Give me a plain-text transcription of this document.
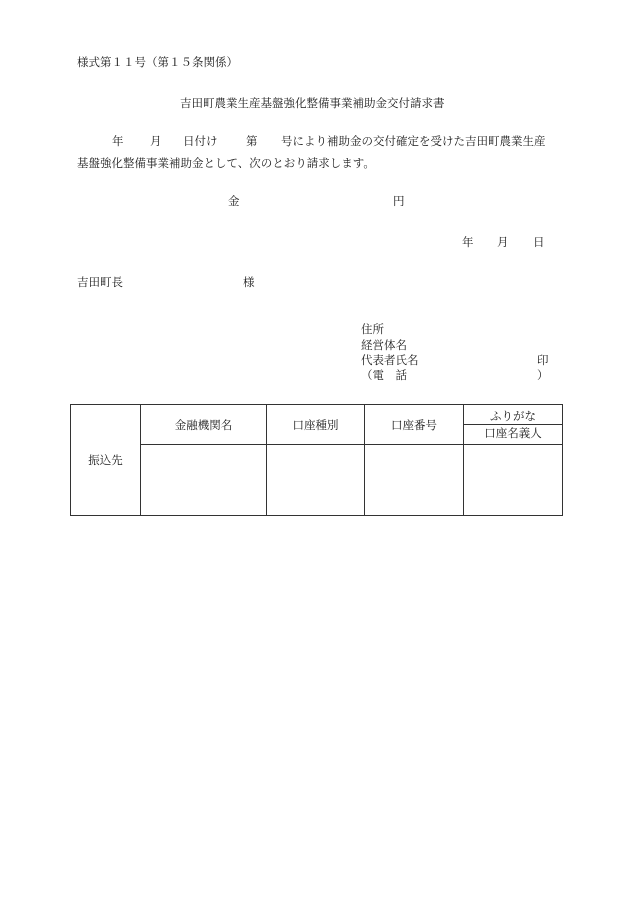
様式第１１号（第１５条関係）
吉田町農業生産基盤強化整備事業補助金交付請求書
年 月 日付け 第 号により補助金の交付確定を受けた吉田町農業生産
基盤強化整備事業補助金として、次のとおり請求します。
金	円
年 月 日
吉田町長	様
住所
経営体名
代表者氏名	印
（電　話	）
振込先	金融機関名	口座種別	口座番号	ふりがな
口座名義人
